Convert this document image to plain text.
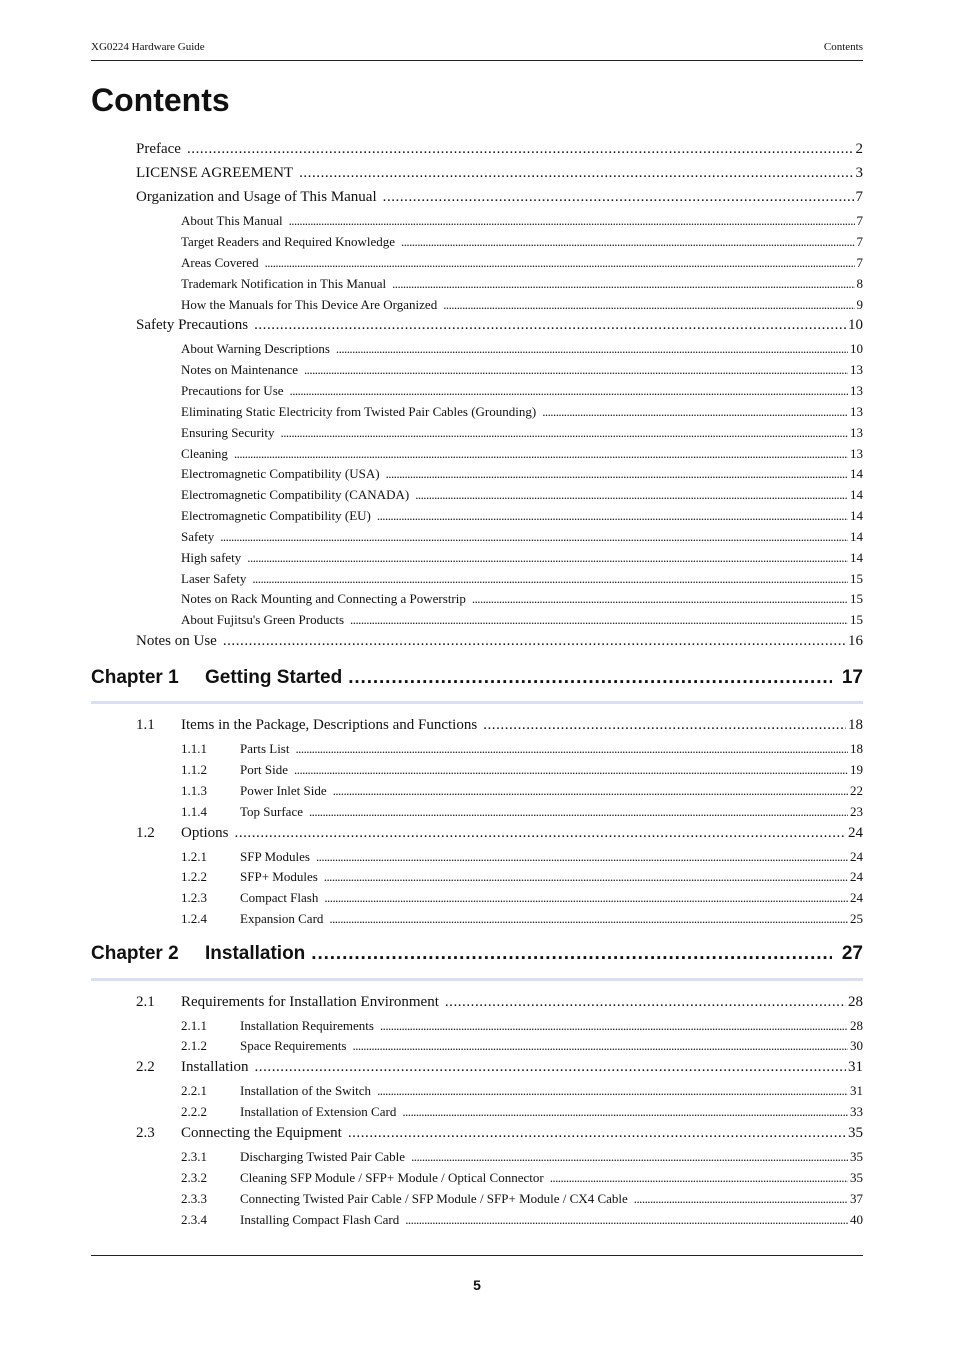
XG0224 Hardware Guide	Contents
Contents
Preface . . .	2
LICENSE AGREEMENT . . .	3
Organization and Usage of This Manual . . .	7
About This Manual . . .	7
Target Readers and Required Knowledge . . .	7
Areas Covered . . .	7
Trademark Notification in This Manual . . .	8
How the Manuals for This Device Are Organized . . .	9
Safety Precautions . . .	10
About Warning Descriptions . . .	10
Notes on Maintenance . . .	13
Precautions for Use . . .	13
Eliminating Static Electricity from Twisted Pair Cables (Grounding) . . .	13
Ensuring Security . . .	13
Cleaning . . .	13
Electromagnetic Compatibility (USA) . . .	14
Electromagnetic Compatibility (CANADA) . . .	14
Electromagnetic Compatibility (EU) . . .	14
Safety . . .	14
High safety . . .	14
Laser Safety . . .	15
Notes on Rack Mounting and Connecting a Powerstrip . . .	15
About Fujitsu's Green Products . . .	15
Notes on Use . . .	16
Chapter 1	Getting Started . . .	17
1.1	Items in the Package, Descriptions and Functions . . .	18
1.1.1	Parts List . . .	18
1.1.2	Port Side . . .	19
1.1.3	Power Inlet Side . . .	22
1.1.4	Top Surface . . .	23
1.2	Options . . .	24
1.2.1	SFP Modules . . .	24
1.2.2	SFP+ Modules . . .	24
1.2.3	Compact Flash . . .	24
1.2.4	Expansion Card . . .	25
Chapter 2	Installation . . .	27
2.1	Requirements for Installation Environment . . .	28
2.1.1	Installation Requirements . . .	28
2.1.2	Space Requirements . . .	30
2.2	Installation . . .	31
2.2.1	Installation of the Switch . . .	31
2.2.2	Installation of Extension Card . . .	33
2.3	Connecting the Equipment . . .	35
2.3.1	Discharging Twisted Pair Cable . . .	35
2.3.2	Cleaning SFP Module / SFP+ Module / Optical Connector . . .	35
2.3.3	Connecting Twisted Pair Cable / SFP Module / SFP+ Module / CX4 Cable . . .	37
2.3.4	Installing Compact Flash Card . . .	40
5
